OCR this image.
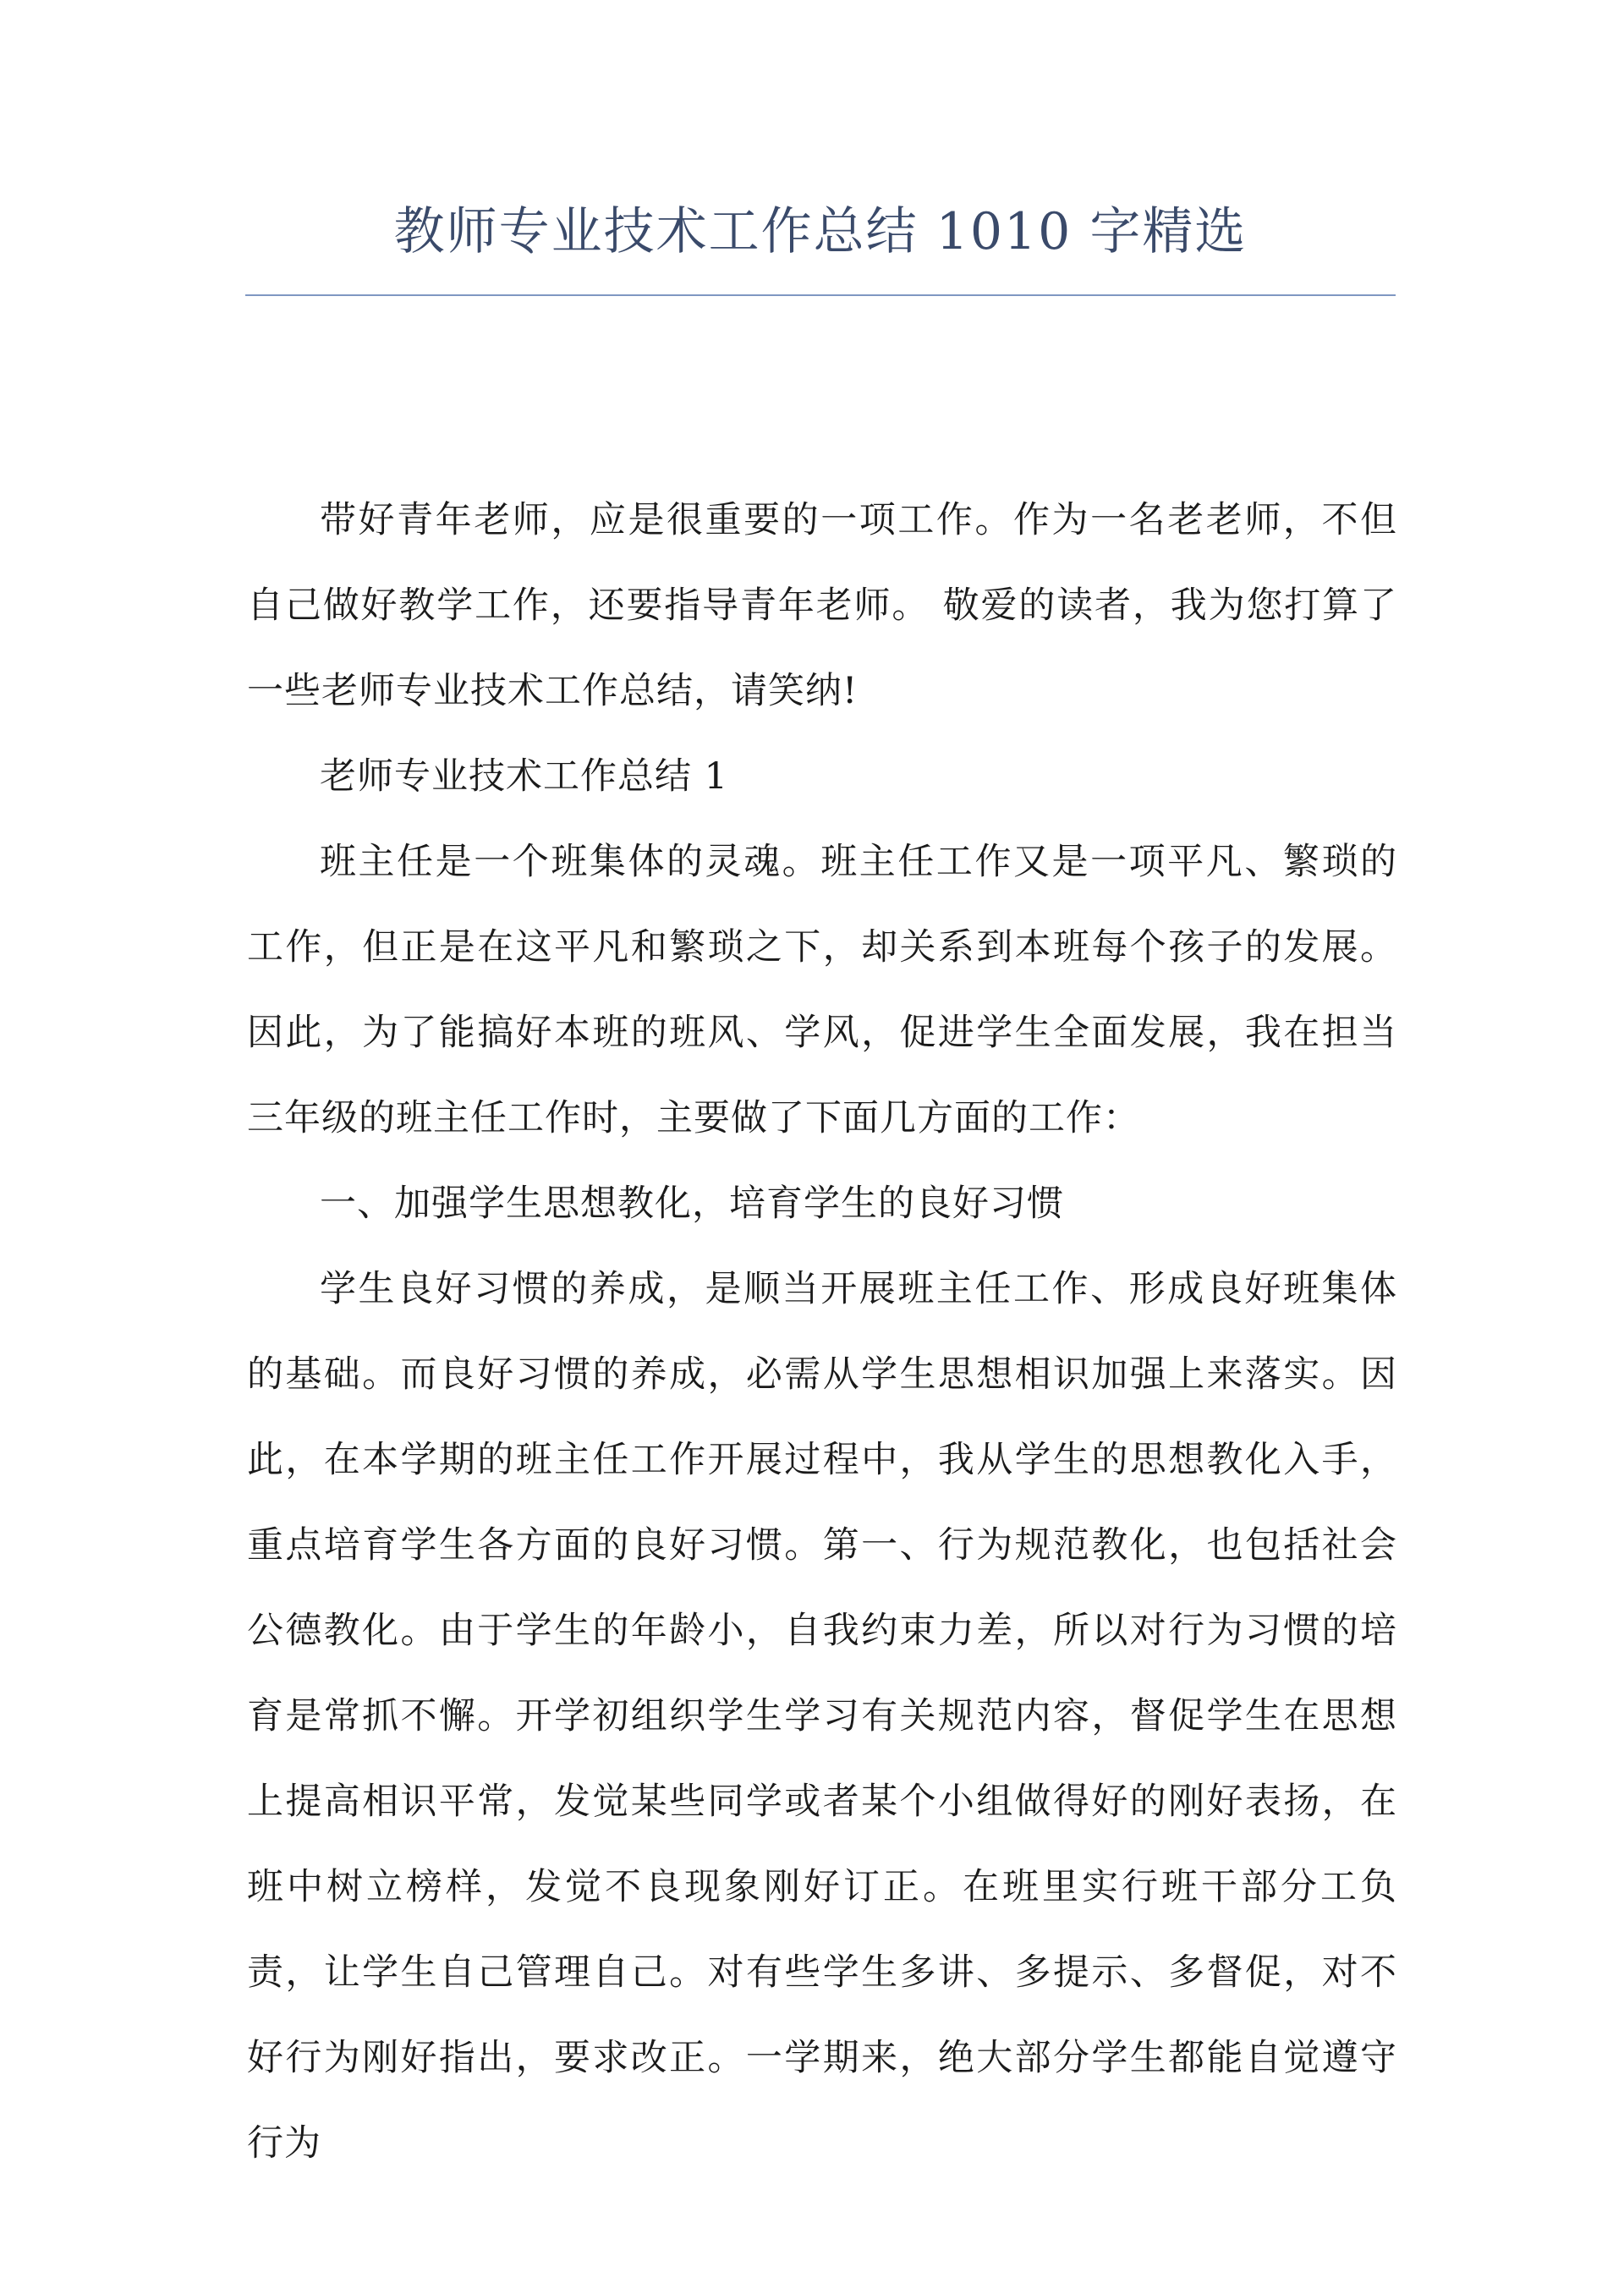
教师专业技术工作总结 1010 字精选

带好青年老师，应是很重要的一项工作。作为一名老老师，不但自己做好教学工作，还要指导青年老师。 敬爱的读者，我为您打算了一些老师专业技术工作总结，请笑纳!

老师专业技术工作总结 1

班主任是一个班集体的灵魂。班主任工作又是一项平凡、繁琐的工作，但正是在这平凡和繁琐之下，却关系到本班每个孩子的发展。因此，为了能搞好本班的班风、学风，促进学生全面发展，我在担当三年级的班主任工作时，主要做了下面几方面的工作：

一、加强学生思想教化，培育学生的良好习惯

学生良好习惯的养成，是顺当开展班主任工作、形成良好班集体的基础。而良好习惯的养成，必需从学生思想相识加强上来落实。因此，在本学期的班主任工作开展过程中，我从学生的思想教化入手，重点培育学生各方面的良好习惯。第一、行为规范教化，也包括社会公德教化。由于学生的年龄小，自我约束力差，所以对行为习惯的培育是常抓不懈。开学初组织学生学习有关规范内容，督促学生在思想上提高相识平常，发觉某些同学或者某个小组做得好的刚好表扬，在班中树立榜样，发觉不良现象刚好订正。在班里实行班干部分工负责，让学生自己管理自己。对有些学生多讲、多提示、多督促，对不好行为刚好指出，要求改正。一学期来，绝大部分学生都能自觉遵守行为
